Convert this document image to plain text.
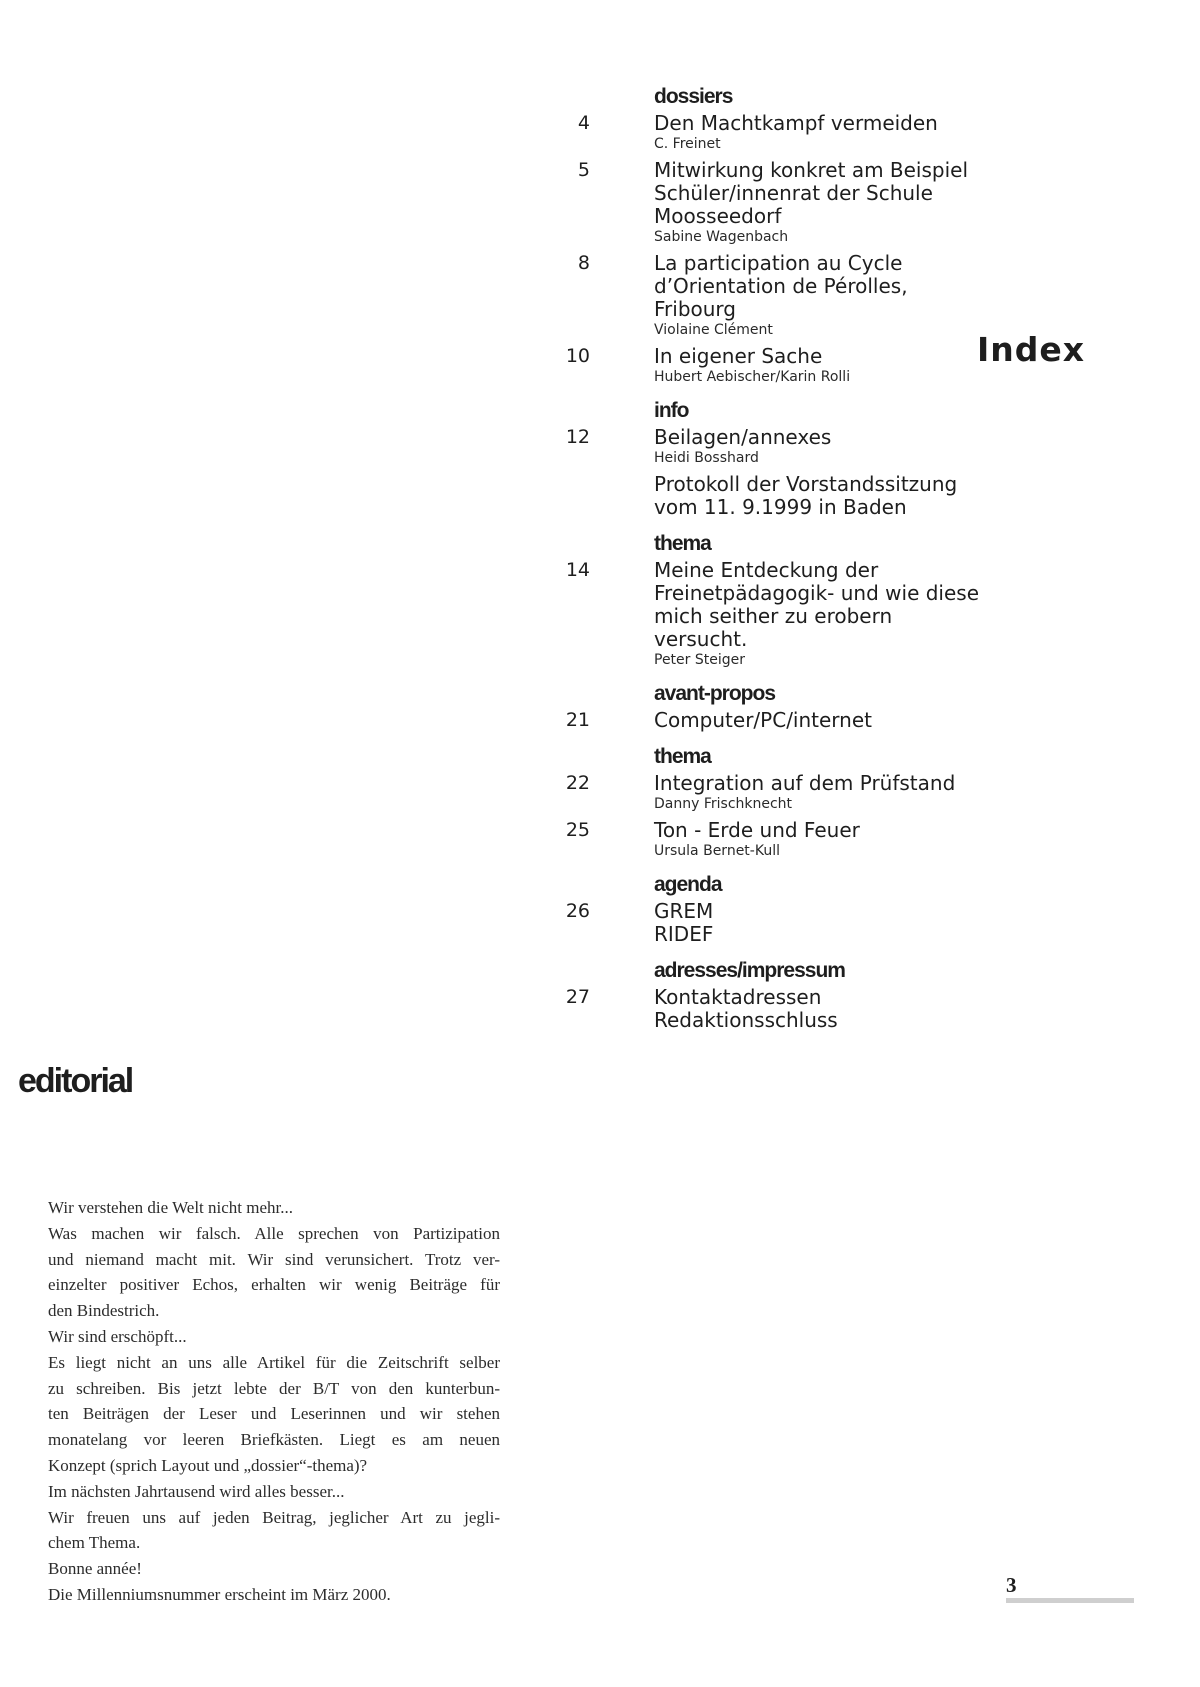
dossiers
4	Den Machtkampf vermeiden
C. Freinet
5	Mitwirkung konkret am Beispiel
Schüler/innenrat der Schule
Moosseedorf
Sabine Wagenbach
8	La participation au Cycle
d’Orientation de Pérolles,
Fribourg
Violaine Clément
10	In eigener Sache
Hubert Aebischer/Karin Rolli
info
12	Beilagen/annexes
Heidi Bosshard
Protokoll der Vorstandssitzung
vom 11. 9.1999 in Baden
thema
14	Meine Entdeckung der
Freinetpädagogik- und wie diese
mich seither zu erobern
versucht.
Peter Steiger
avant-propos
21	Computer/PC/internet
thema
22	Integration auf dem Prüfstand
Danny Frischknecht
25	Ton - Erde und Feuer
Ursula Bernet-Kull
agenda
26	GREM
RIDEF
adresses/impressum
27	Kontaktadressen
Redaktionsschluss
Index
editorial
Wir verstehen die Welt nicht mehr...
Was machen wir falsch. Alle sprechen von Partizipation
und niemand macht mit. Wir sind verunsichert. Trotz ver-
einzelter positiver Echos, erhalten wir wenig Beiträge für
den Bindestrich.
Wir sind erschöpft...
Es liegt nicht an uns alle Artikel für die Zeitschrift selber
zu schreiben. Bis jetzt lebte der B/T von den kunterbun-
ten Beiträgen der Leser und Leserinnen und wir stehen
monatelang vor leeren Briefkästen. Liegt es am neuen
Konzept (sprich Layout und „dossier“-thema)?
Im nächsten Jahrtausend wird alles besser...
Wir freuen uns auf jeden Beitrag, jeglicher Art zu jegli-
chem Thema.
Bonne année!
Die Millenniumsnummer erscheint im März 2000.	3
